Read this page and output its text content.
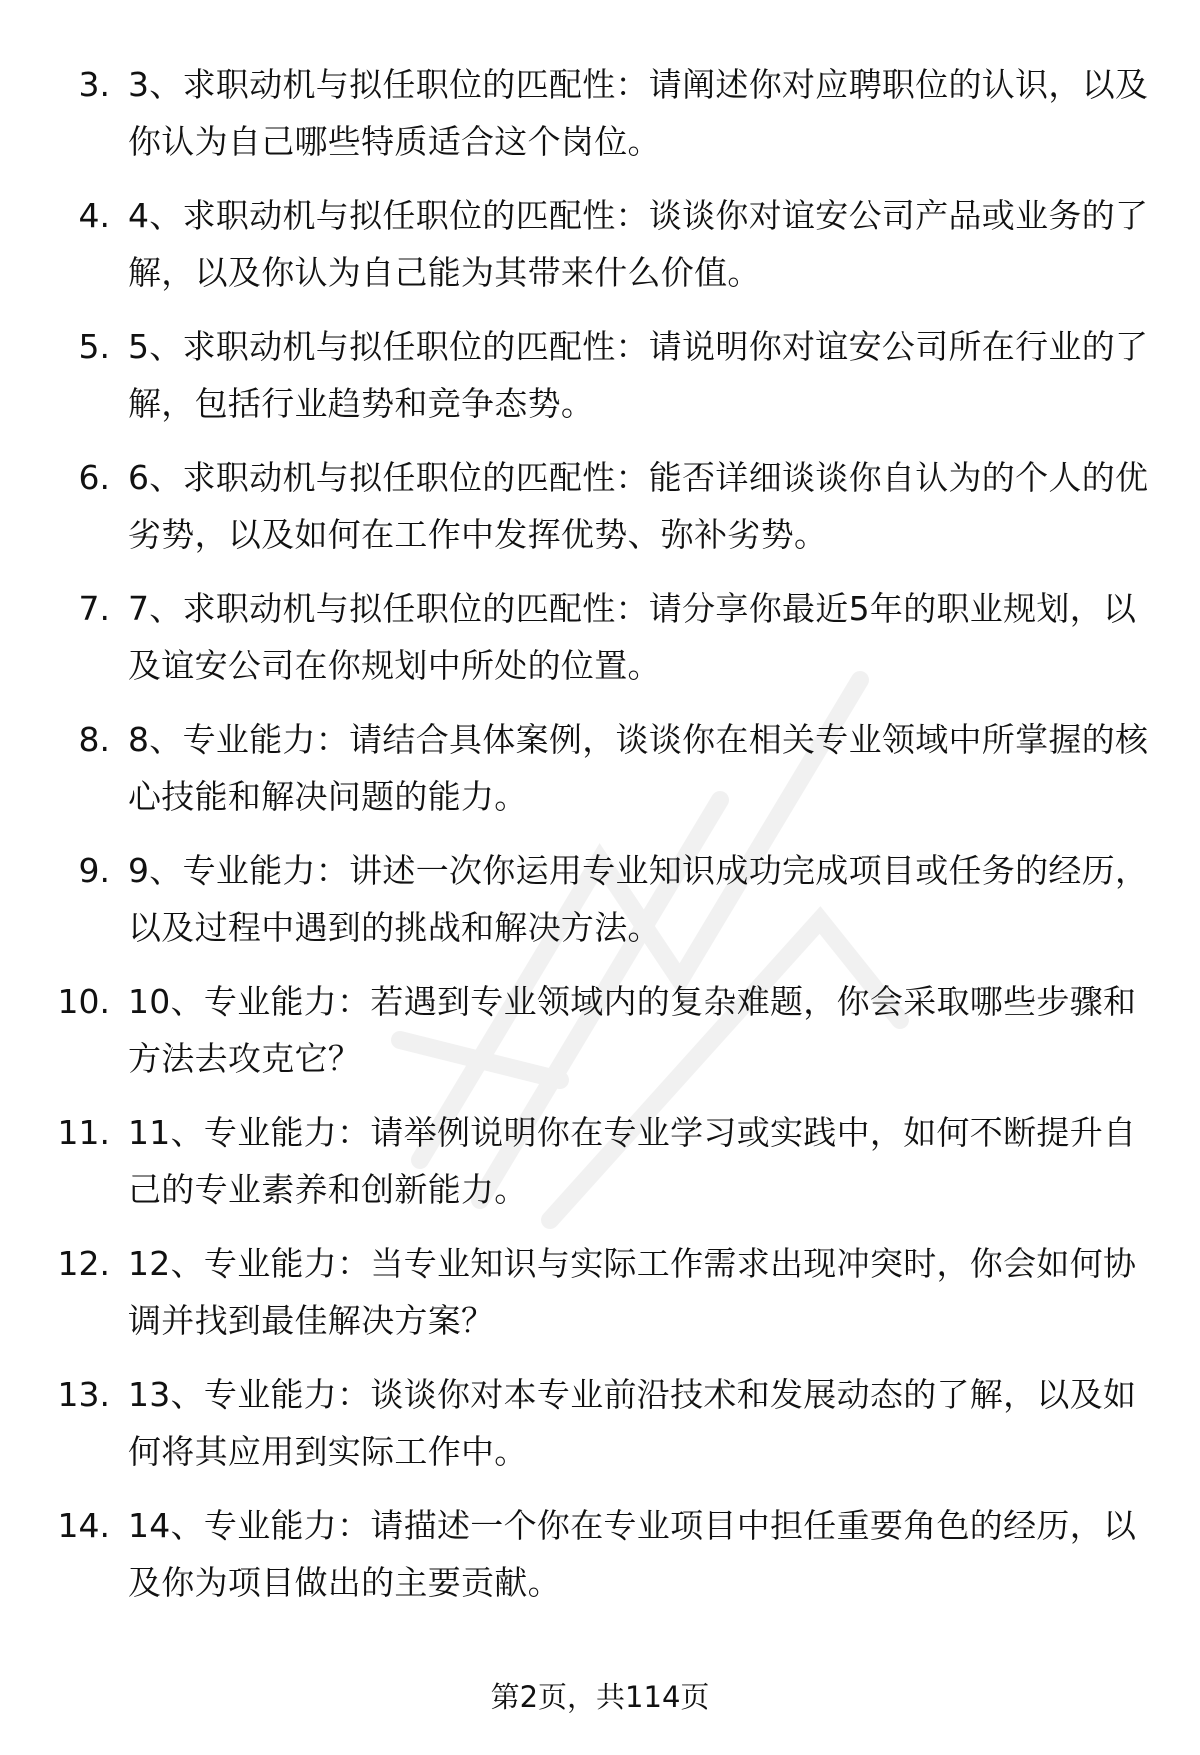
3. 3、求职动机与拟任职位的匹配性：请阐述你对应聘职位的认识，以及你认为自己哪些特质适合这个岗位。
4. 4、求职动机与拟任职位的匹配性：谈谈你对谊安公司产品或业务的了解，以及你认为自己能为其带来什么价值。
5. 5、求职动机与拟任职位的匹配性：请说明你对谊安公司所在行业的了解，包括行业趋势和竞争态势。
6. 6、求职动机与拟任职位的匹配性：能否详细谈谈你自认为的个人的优劣势，以及如何在工作中发挥优势、弥补劣势。
7. 7、求职动机与拟任职位的匹配性：请分享你最近5年的职业规划，以及谊安公司在你规划中所处的位置。
8. 8、专业能力：请结合具体案例，谈谈你在相关专业领域中所掌握的核心技能和解决问题的能力。
9. 9、专业能力：讲述一次你运用专业知识成功完成项目或任务的经历，以及过程中遇到的挑战和解决方法。
10. 10、专业能力：若遇到专业领域内的复杂难题，你会采取哪些步骤和方法去攻克它？
11. 11、专业能力：请举例说明你在专业学习或实践中，如何不断提升自己的专业素养和创新能力。
12. 12、专业能力：当专业知识与实际工作需求出现冲突时，你会如何协调并找到最佳解决方案？
13. 13、专业能力：谈谈你对本专业前沿技术和发展动态的了解，以及如何将其应用到实际工作中。
14. 14、专业能力：请描述一个你在专业项目中担任重要角色的经历，以及你为项目做出的主要贡献。
第2页，共114页
